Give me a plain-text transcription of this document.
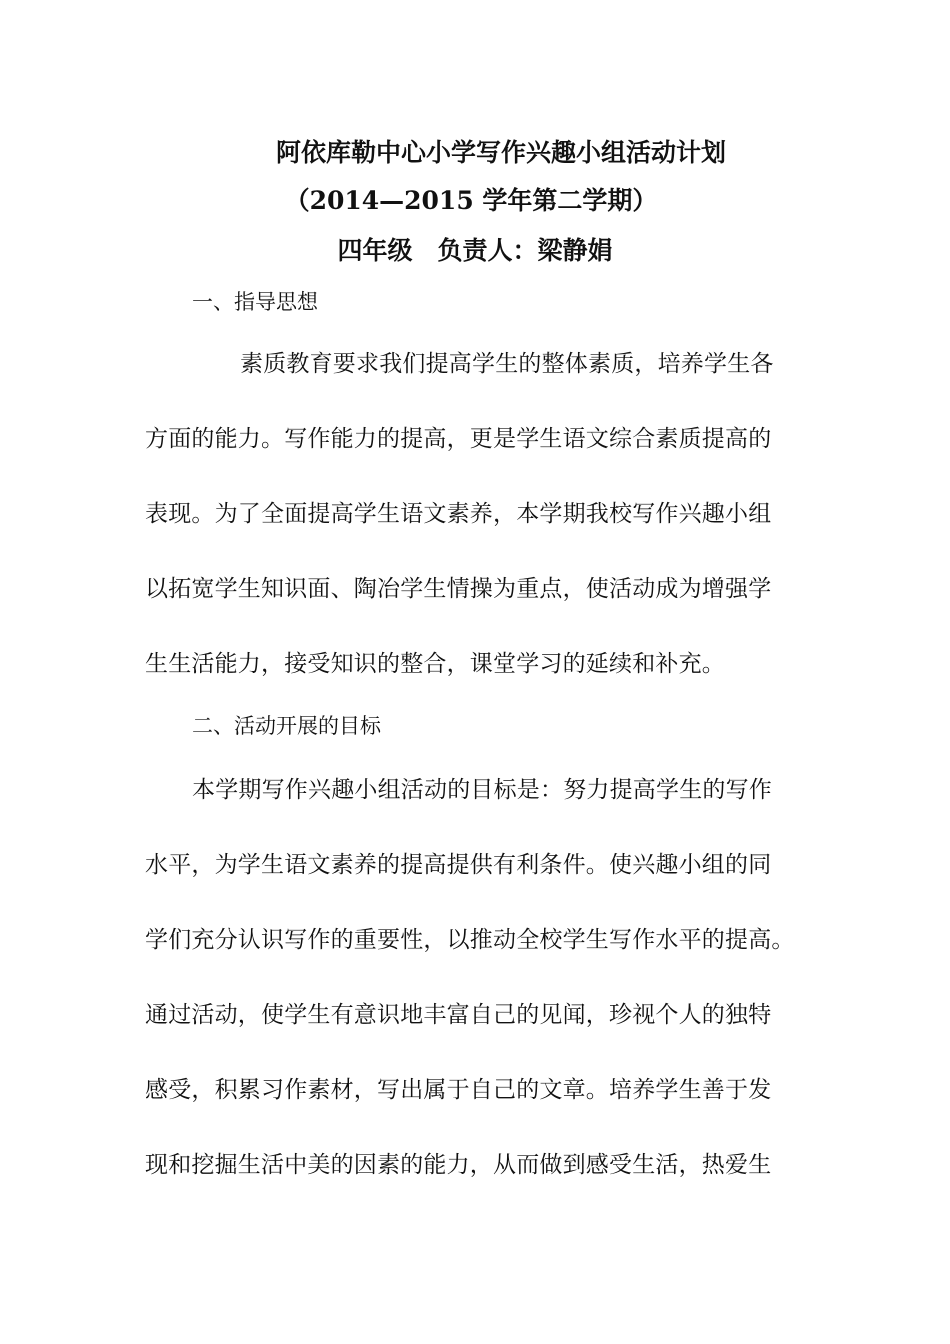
阿依库勒中心小学写作兴趣小组活动计划
（2014—2015 学年第二学期）
四年级　负责人：梁静娟
一、指导思想
素质教育要求我们提高学生的整体素质，培养学生各
方面的能力。写作能力的提高，更是学生语文综合素质提高的
表现。为了全面提高学生语文素养，本学期我校写作兴趣小组
以拓宽学生知识面、陶冶学生情操为重点，使活动成为增强学
生生活能力，接受知识的整合，课堂学习的延续和补充。
二、活动开展的目标
本学期写作兴趣小组活动的目标是：努力提高学生的写作
水平，为学生语文素养的提高提供有利条件。使兴趣小组的同
学们充分认识写作的重要性，以推动全校学生写作水平的提高。
通过活动，使学生有意识地丰富自己的见闻，珍视个人的独特
感受，积累习作素材，写出属于自己的文章。培养学生善于发
现和挖掘生活中美的因素的能力，从而做到感受生活，热爱生
